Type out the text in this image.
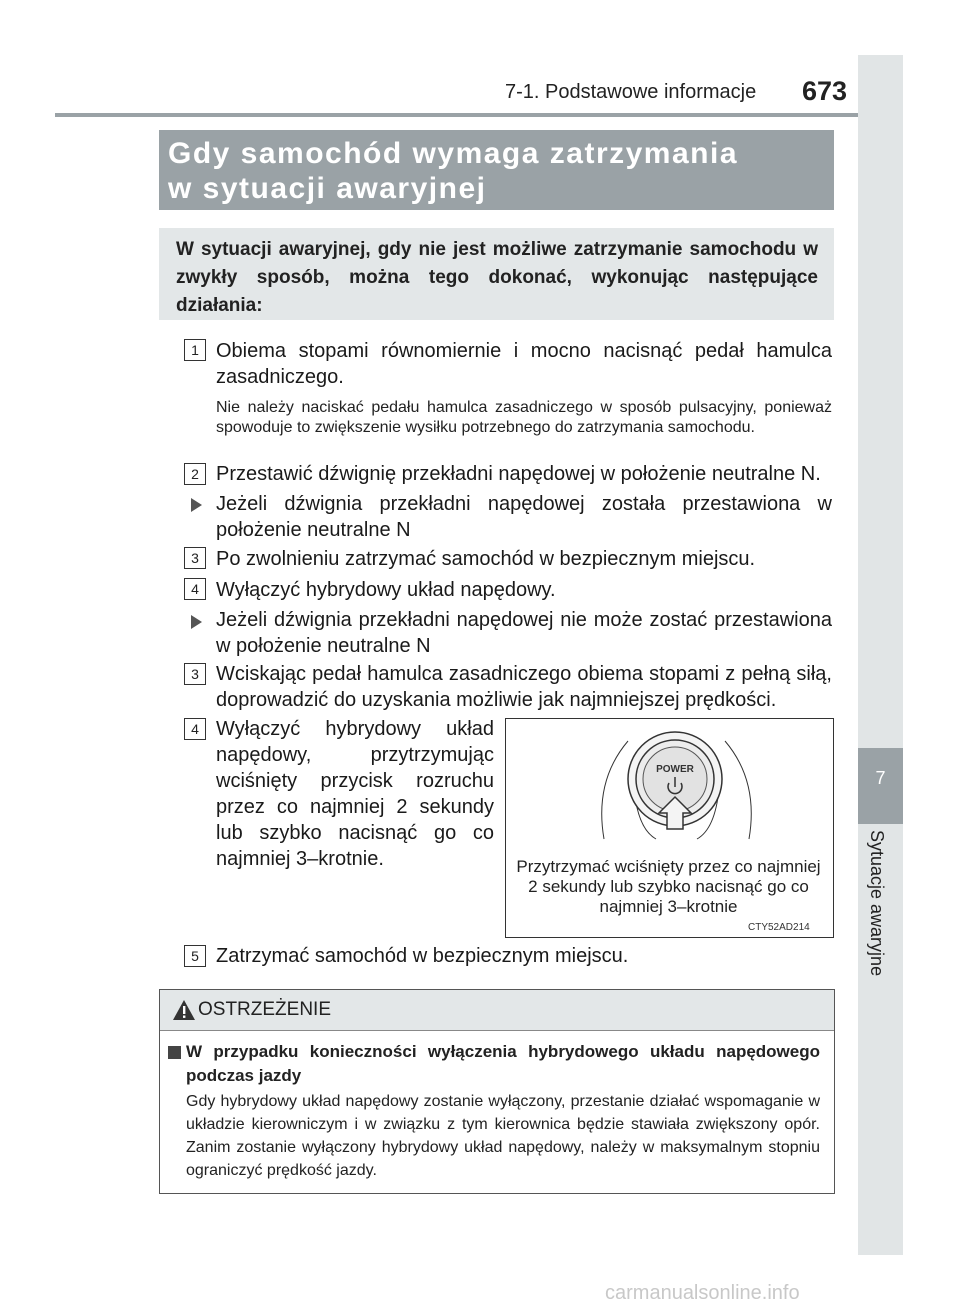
7-1. Podstawowe informacje 673
7
Sytuacje awaryjne
Gdy samochód wymaga zatrzymania
w sytuacji awaryjnej
W sytuacji awaryjnej, gdy nie jest możliwe zatrzymanie samochodu w zwykły sposób, można tego dokonać, wykonując następujące działania:
1 Obiema stopami równomiernie i mocno nacisnąć pedał hamulca zasadniczego.
Nie należy naciskać pedału hamulca zasadniczego w sposób pulsacyjny, ponieważ spowoduje to zwiększenie wysiłku potrzebnego do zatrzymania samochodu.
2 Przestawić dźwignię przekładni napędowej w położenie neutralne N.
Jeżeli dźwignia przekładni napędowej została przestawiona w położenie neutralne N
3 Po zwolnieniu zatrzymać samochód w bezpiecznym miejscu.
4 Wyłączyć hybrydowy układ napędowy.
Jeżeli dźwignia przekładni napędowej nie może zostać przestawiona w położenie neutralne N
3 Wciskając pedał hamulca zasadniczego obiema stopami z pełną siłą, doprowadzić do uzyskania możliwie jak najmniejszej prędkości.
4 Wyłączyć hybrydowy układ napędowy, przytrzymując wciśnięty przycisk rozruchu przez co najmniej 2 sekundy lub szybko nacisnąć go co najmniej 3–krotnie.
POWER
Przytrzymać wciśnięty przez co najmniej 2 sekundy lub szybko nacisnąć go co najmniej 3–krotnie
CTY52AD214
5 Zatrzymać samochód w bezpiecznym miejscu.
OSTRZEŻENIE
W przypadku konieczności wyłączenia hybrydowego układu napędowego podczas jazdy
Gdy hybrydowy układ napędowy zostanie wyłączony, przestanie działać wspomaganie w układzie kierowniczym i w związku z tym kierownica będzie stawiała zwiększony opór. Zanim zostanie wyłączony hybrydowy układ napędowy, należy w maksymalnym stopniu ograniczyć prędkość jazdy.
carmanualsonline.info
